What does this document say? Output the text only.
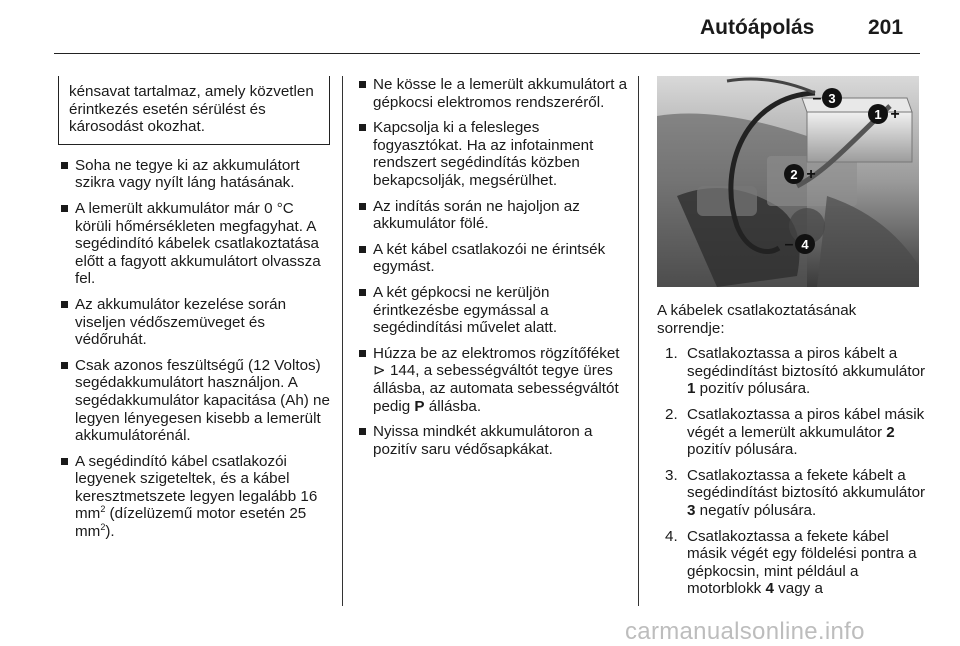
Autóápolás	201
kénsavat tartalmaz, amely közvetlen érintkezés esetén sérülést és károsodást okozhat.
Soha ne tegye ki az akkumulátort szikra vagy nyílt láng hatásának.
A lemerült akkumulátor már 0 °C körüli hőmérsékleten megfagyhat. A segédindító kábelek csatlakoztatása előtt a fagyott akkumulátort olvassza fel.
Az akkumulátor kezelése során viseljen védőszemüveget és védőruhát.
Csak azonos feszültségű (12 Voltos) segédakkumulátort használjon. A segédakkumulátor kapacitása (Ah) ne legyen lényegesen kisebb a lemerült akkumulátorénál.
A segédindító kábel csatlakozói legyenek szigeteltek, és a kábel keresztmetszete legyen legalább 16 $mm^2$ (dízelüzemű motor esetén 25 $mm^2$).
Ne kösse le a lemerült akkumulátort a gépkocsi elektromos rendszeréről.
Kapcsolja ki a felesleges fogyasztókat. Ha az infotainment rendszert segédindítás közben bekapcsolják, megsérülhet.
Az indítás során ne hajoljon az akkumulátor fölé.
A két kábel csatlakozói ne érintsék egymást.
A két gépkocsi ne kerüljön érintkezésbe egymással a segédindítási művelet alatt.
Húzza be az elektromos rögzítőféket ⊳ 144, a sebességváltót tegye üres állásba, az automata sebességváltót pedig P állásba.
Nyissa mindkét akkumulátoron a pozitív saru védősapkákat.
1 +
2 +
3
–
4
–
A kábelek csatlakoztatásának sorrendje:
1. Csatlakoztassa a piros kábelt a segédindítást biztosító akkumulátor 1 pozitív pólusára.
2. Csatlakoztassa a piros kábel másik végét a lemerült akkumulátor 2 pozitív pólusára.
3. Csatlakoztassa a fekete kábelt a segédindítást biztosító akkumulátor 3 negatív pólusára.
4. Csatlakoztassa a fekete kábel másik végét egy földelési pontra a gépkocsin, mint például a motorblokk 4 vagy a
carmanualsonline.info
